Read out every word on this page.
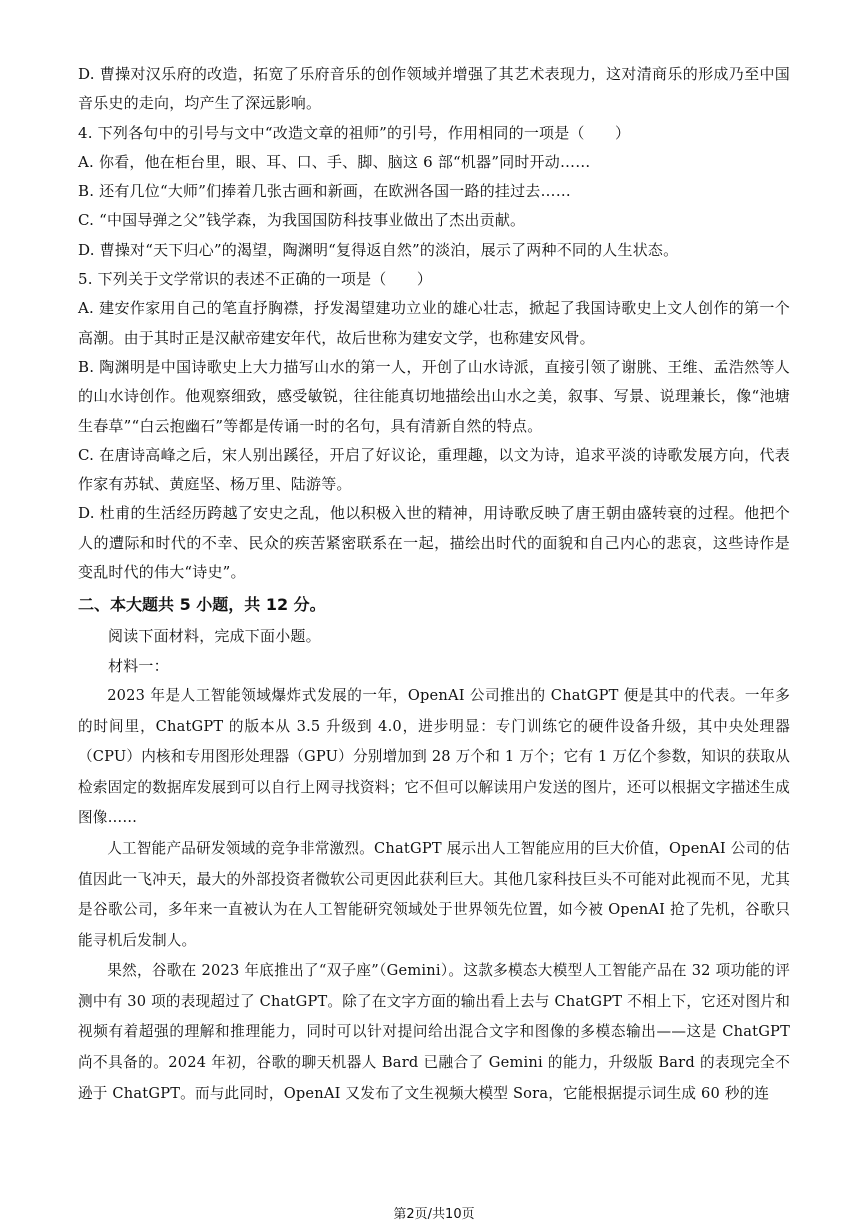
D. 曹操对汉乐府的改造，拓宽了乐府音乐的创作领域并增强了其艺术表现力，这对清商乐的形成乃至中国音乐史的走向，均产生了深远影响。

4. 下列各句中的引号与文中“改造文章的祖师”的引号，作用相同的一项是（　　）

A. 你看，他在柜台里，眼、耳、口、手、脚、脑这 6 部“机器”同时开动……

B. 还有几位“大师”们捧着几张古画和新画，在欧洲各国一路的挂过去……

C. “中国导弹之父”钱学森，为我国国防科技事业做出了杰出贡献。

D. 曹操对“天下归心”的渴望，陶渊明“复得返自然”的淡泊，展示了两种不同的人生状态。

5. 下列关于文学常识的表述不正确的一项是（　　）

A. 建安作家用自己的笔直抒胸襟，抒发渴望建功立业的雄心壮志，掀起了我国诗歌史上文人创作的第一个高潮。由于其时正是汉献帝建安年代，故后世称为建安文学，也称建安风骨。

B. 陶渊明是中国诗歌史上大力描写山水的第一人，开创了山水诗派，直接引领了谢朓、王维、孟浩然等人的山水诗创作。他观察细致，感受敏锐，往往能真切地描绘出山水之美，叙事、写景、说理兼长，像“池塘生春草”“白云抱幽石”等都是传诵一时的名句，具有清新自然的特点。

C. 在唐诗高峰之后，宋人别出蹊径，开启了好议论，重理趣，以文为诗，追求平淡的诗歌发展方向，代表作家有苏轼、黄庭坚、杨万里、陆游等。

D. 杜甫的生活经历跨越了安史之乱，他以积极入世的精神，用诗歌反映了唐王朝由盛转衰的过程。他把个人的遭际和时代的不幸、民众的疾苦紧密联系在一起，描绘出时代的面貌和自己内心的悲哀，这些诗作是变乱时代的伟大“诗史”。

二、本大题共 5 小题，共 12 分。

阅读下面材料，完成下面小题。

材料一：

2023 年是人工智能领域爆炸式发展的一年，OpenAI 公司推出的 ChatGPT 便是其中的代表。一年多的时间里，ChatGPT 的版本从 3.5 升级到 4.0，进步明显：专门训练它的硬件设备升级，其中央处理器（CPU）内核和专用图形处理器（GPU）分别增加到 28 万个和 1 万个；它有 1 万亿个参数，知识的获取从检索固定的数据库发展到可以自行上网寻找资料；它不但可以解读用户发送的图片，还可以根据文字描述生成图像……

人工智能产品研发领域的竞争非常激烈。ChatGPT 展示出人工智能应用的巨大价值，OpenAI 公司的估值因此一飞冲天，最大的外部投资者微软公司更因此获利巨大。其他几家科技巨头不可能对此视而不见，尤其是谷歌公司，多年来一直被认为在人工智能研究领域处于世界领先位置，如今被 OpenAI 抢了先机，谷歌只能寻机后发制人。

果然，谷歌在 2023 年底推出了“双子座”（Gemini）。这款多模态大模型人工智能产品在 32 项功能的评测中有 30 项的表现超过了 ChatGPT。除了在文字方面的输出看上去与 ChatGPT 不相上下，它还对图片和视频有着超强的理解和推理能力，同时可以针对提问给出混合文字和图像的多模态输出——这是 ChatGPT 尚不具备的。2024 年初，谷歌的聊天机器人 Bard 已融合了 Gemini 的能力，升级版 Bard 的表现完全不逊于 ChatGPT。而与此同时，OpenAI 又发布了文生视频大模型 Sora，它能根据提示词生成 60 秒的连

第2页/共10页
